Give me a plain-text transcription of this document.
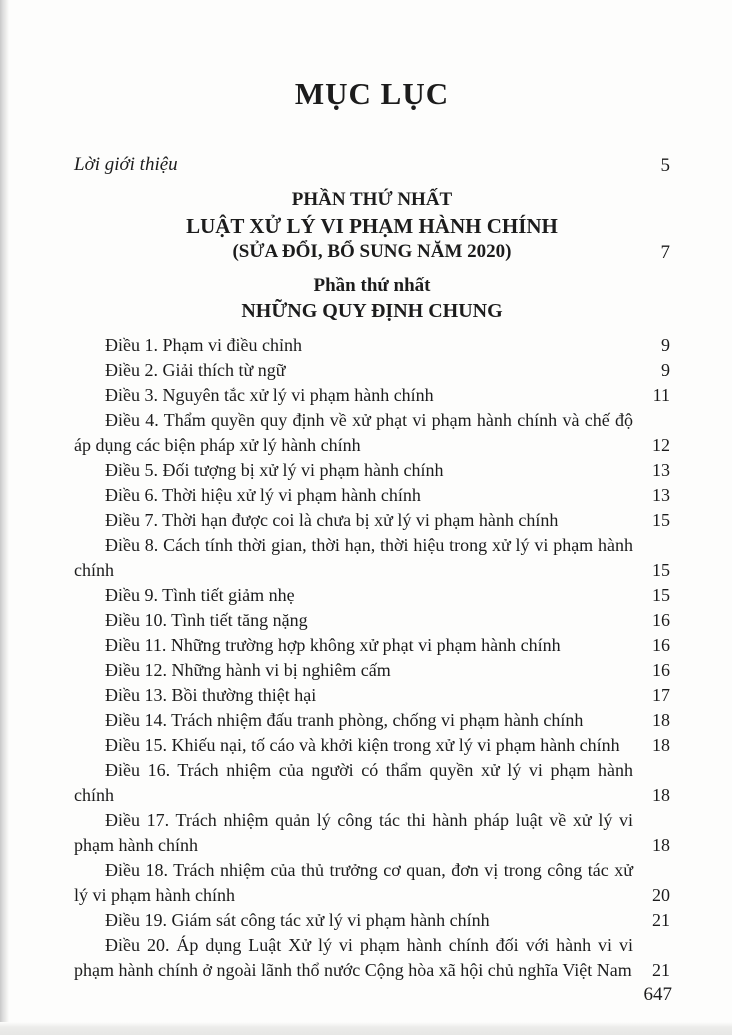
MỤC LỤC
Lời giới thiệu	5
PHẦN THỨ NHẤT
LUẬT XỬ LÝ VI PHẠM HÀNH CHÍNH
(SỬA ĐỔI, BỔ SUNG NĂM 2020)	7
Phần thứ nhất
NHỮNG QUY ĐỊNH CHUNG
Điều 1. Phạm vi điều chỉnh	9
Điều 2. Giải thích từ ngữ	9
Điều 3. Nguyên tắc xử lý vi phạm hành chính	11
Điều 4. Thẩm quyền quy định về xử phạt vi phạm hành chính và chế độ áp dụng các biện pháp xử lý hành chính	12
Điều 5. Đối tượng bị xử lý vi phạm hành chính	13
Điều 6. Thời hiệu xử lý vi phạm hành chính	13
Điều 7. Thời hạn được coi là chưa bị xử lý vi phạm hành chính	15
Điều 8. Cách tính thời gian, thời hạn, thời hiệu trong xử lý vi phạm hành chính	15
Điều 9. Tình tiết giảm nhẹ	15
Điều 10. Tình tiết tăng nặng	16
Điều 11. Những trường hợp không xử phạt vi phạm hành chính	16
Điều 12. Những hành vi bị nghiêm cấm	16
Điều 13. Bồi thường thiệt hại	17
Điều 14. Trách nhiệm đấu tranh phòng, chống vi phạm hành chính	18
Điều 15. Khiếu nại, tố cáo và khởi kiện trong xử lý vi phạm hành chính	18
Điều 16. Trách nhiệm của người có thẩm quyền xử lý vi phạm hành chính	18
Điều 17. Trách nhiệm quản lý công tác thi hành pháp luật về xử lý vi phạm hành chính	18
Điều 18. Trách nhiệm của thủ trưởng cơ quan, đơn vị trong công tác xử lý vi phạm hành chính	20
Điều 19. Giám sát công tác xử lý vi phạm hành chính	21
Điều 20. Áp dụng Luật Xử lý vi phạm hành chính đối với hành vi vi phạm hành chính ở ngoài lãnh thổ nước Cộng hòa xã hội chủ nghĩa Việt Nam	21
647
